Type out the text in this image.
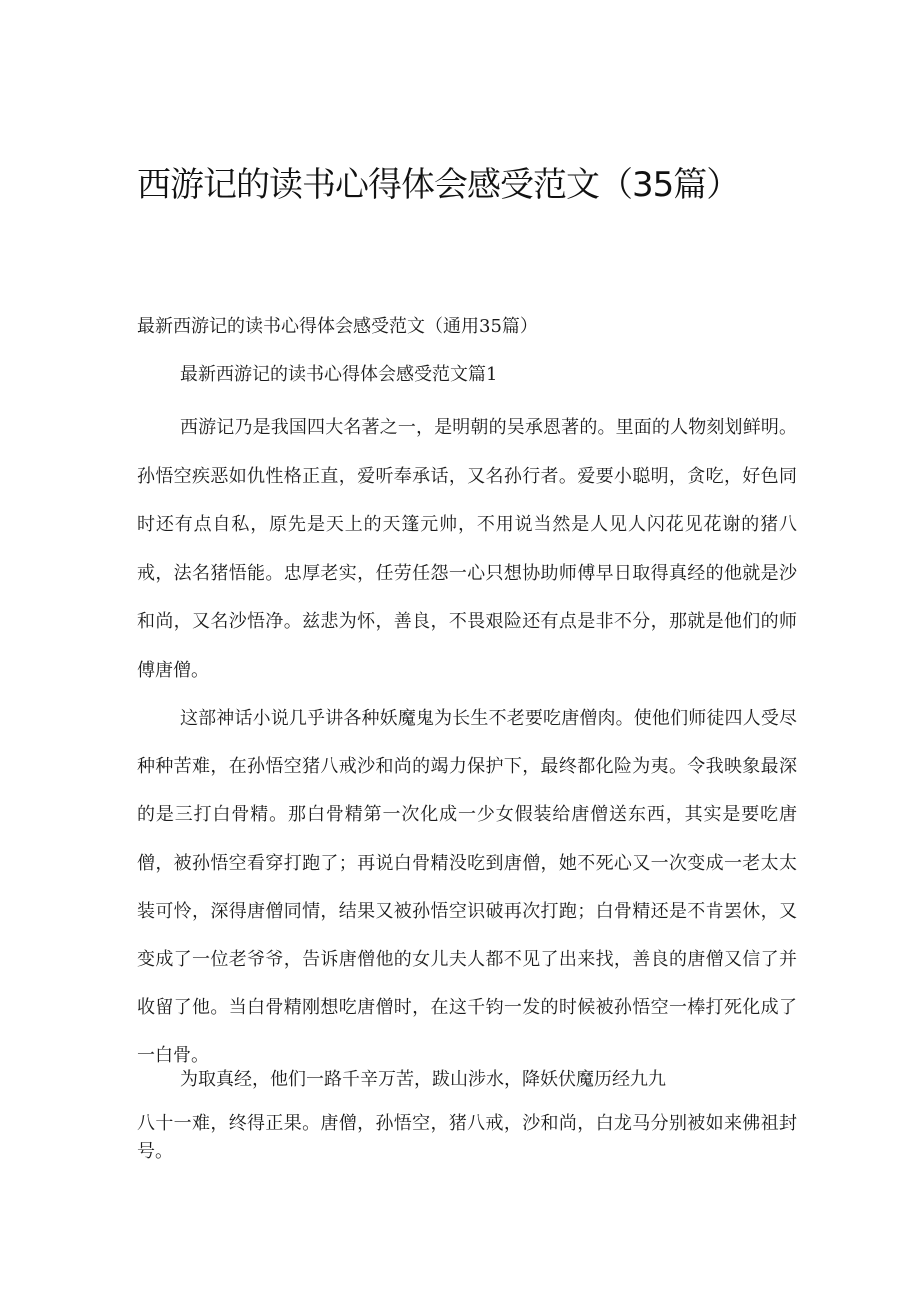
西游记的读书心得体会感受范文（35篇）
最新西游记的读书心得体会感受范文（通用35篇）
最新西游记的读书心得体会感受范文篇1

西游记乃是我国四大名著之一，是明朝的吴承恩著的。里面的人物刻划鲜明。孙悟空疾恶如仇性格正直，爱听奉承话，又名孙行者。爱要小聪明，贪吃，好色同时还有点自私，原先是天上的天篷元帅，不用说当然是人见人闪花见花谢的猪八戒，法名猪悟能。忠厚老实，任劳任怨一心只想协助师傅早日取得真经的他就是沙和尚，又名沙悟净。兹悲为怀，善良，不畏艰险还有点是非不分，那就是他们的师傅唐僧。

这部神话小说几乎讲各种妖魔鬼为长生不老要吃唐僧肉。使他们师徒四人受尽种种苦难，在孙悟空猪八戒沙和尚的竭力保护下，最终都化险为夷。令我映象最深的是三打白骨精。那白骨精第一次化成一少女假装给唐僧送东西，其实是要吃唐僧，被孙悟空看穿打跑了；再说白骨精没吃到唐僧，她不死心又一次变成一老太太装可怜，深得唐僧同情，结果又被孙悟空识破再次打跑；白骨精还是不肯罢休，又变成了一位老爷爷，告诉唐僧他的女儿夫人都不见了出来找，善良的唐僧又信了并收留了他。当白骨精刚想吃唐僧时，在这千钧一发的时候被孙悟空一棒打死化成了一白骨。

为取真经，他们一路千辛万苦，跋山涉水，降妖伏魔历经九九

八十一难，终得正果。唐僧，孙悟空，猪八戒，沙和尚，白龙马分别被如来佛祖封号。
